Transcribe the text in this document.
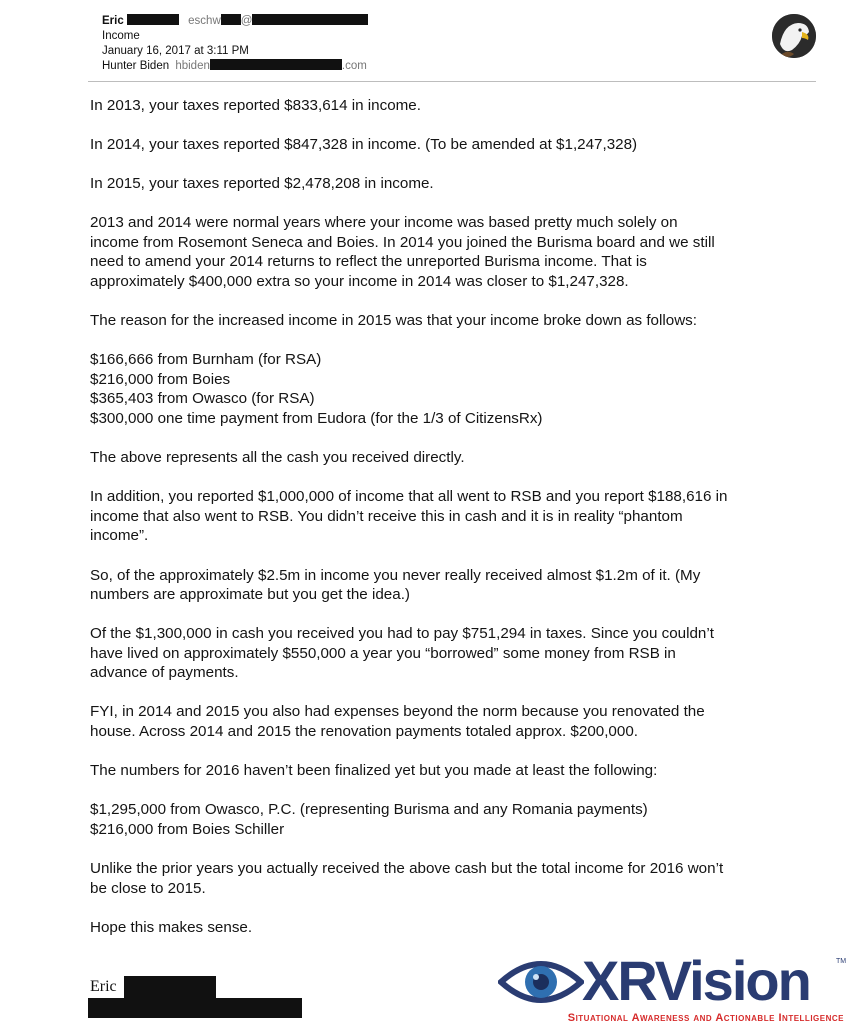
Eric	eschw @
Income
January 16, 2017 at 3:11 PM
Hunter Biden hbiden	.com

In 2013, your taxes reported $833,614 in income.

In 2014, your taxes reported $847,328 in income. (To be amended at $1,247,328)

In 2015, your taxes reported $2,478,208 in income.

2013 and 2014 were normal years where your income was based pretty much solely on
income from Rosemont Seneca and Boies. In 2014 you joined the Burisma board and we still
need to amend your 2014 returns to reflect the unreported Burisma income. That is
approximately $400,000 extra so your income in 2014 was closer to $1,247,328.

The reason for the increased income in 2015 was that your income broke down as follows:

$166,666 from Burnham (for RSA)
$216,000 from Boies
$365,403 from Owasco (for RSA)
$300,000 one time payment from Eudora (for the 1/3 of CitizensRx)

The above represents all the cash you received directly.

In addition, you reported $1,000,000 of income that all went to RSB and you report $188,616 in
income that also went to RSB. You didn’t receive this in cash and it is in reality “phantom
income”.

So, of the approximately $2.5m in income you never really received almost $1.2m of it. (My
numbers are approximate but you get the idea.)

Of the $1,300,000 in cash you received you had to pay $751,294 in taxes. Since you couldn’t
have lived on approximately $550,000 a year you “borrowed” some money from RSB in
advance of payments.

FYI, in 2014 and 2015 you also had expenses beyond the norm because you renovated the
house. Across 2014 and 2015 the renovation payments totaled approx. $200,000.

The numbers for 2016 haven’t been finalized yet but you made at least the following:

$1,295,000 from Owasco, P.C. (representing Burisma and any Romania payments)
$216,000 from Boies Schiller

Unlike the prior years you actually received the above cash but the total income for 2016 won’t
be close to 2015.

Hope this makes sense.

Eric	XRVision	TM
Situational Awareness and Actionable Intelligence
